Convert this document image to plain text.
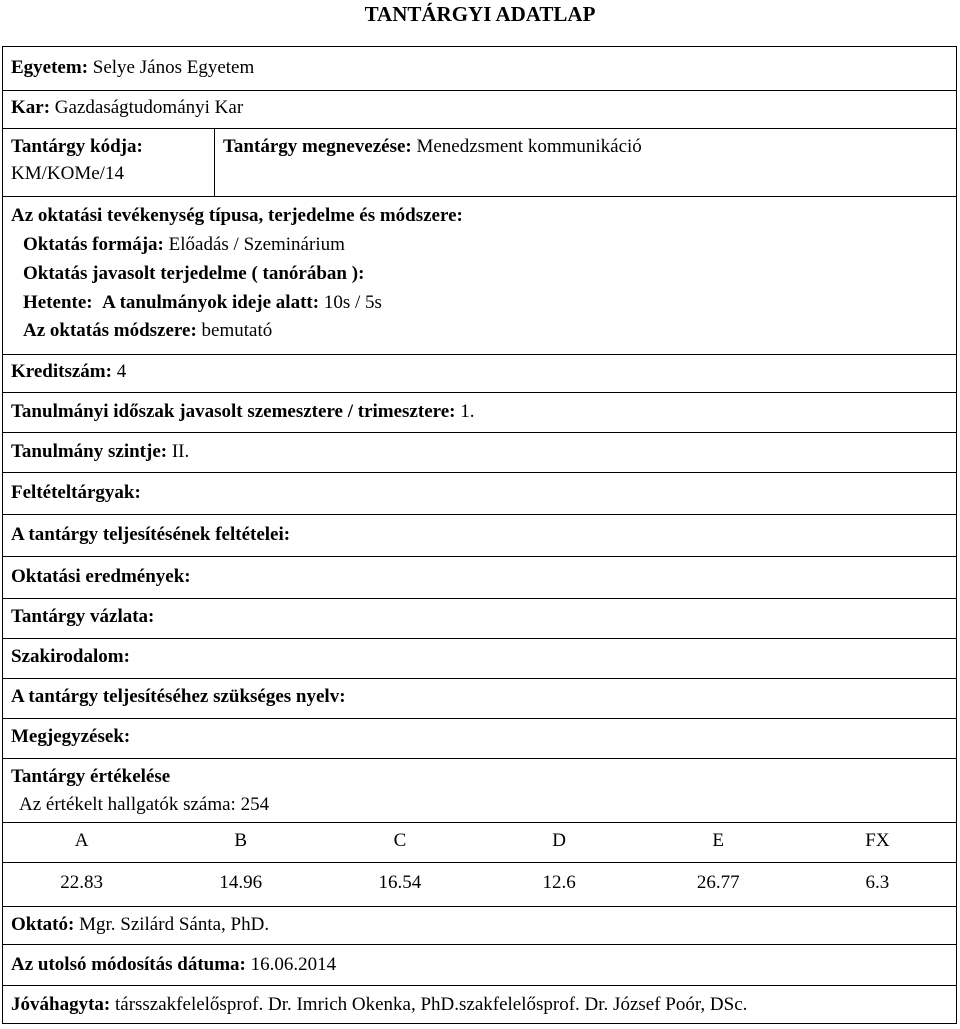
TANTÁRGYI ADATLAP
Egyetem: Selye János Egyetem
Kar: Gazdaságtudományi Kar
Tantárgy kódja:
KM/KOMe/14
Tantárgy megnevezése: Menedzsment kommunikáció
Az oktatási tevékenység típusa, terjedelme és módszere:
Oktatás formája: Előadás / Szeminárium
Oktatás javasolt terjedelme ( tanórában ):
Hetente: A tanulmányok ideje alatt: 10s / 5s
Az oktatás módszere: bemutató
Kreditszám: 4
Tanulmányi időszak javasolt szemesztere / trimesztere: 1.
Tanulmány szintje: II.
Feltételtárgyak:
A tantárgy teljesítésének feltételei:
Oktatási eredmények:
Tantárgy vázlata:
Szakirodalom:
A tantárgy teljesítéséhez szükséges nyelv:
Megjegyzések:
Tantárgy értékelése
Az értékelt hallgatók száma: 254
A	B	C	D	E	FX
22.83	14.96	16.54	12.6	26.77	6.3
Oktató: Mgr. Szilárd Sánta, PhD.
Az utolsó módosítás dátuma: 16.06.2014
Jóváhagyta: társszakfelelősprof. Dr. Imrich Okenka, PhD.szakfelelősprof. Dr. József Poór, DSc.
